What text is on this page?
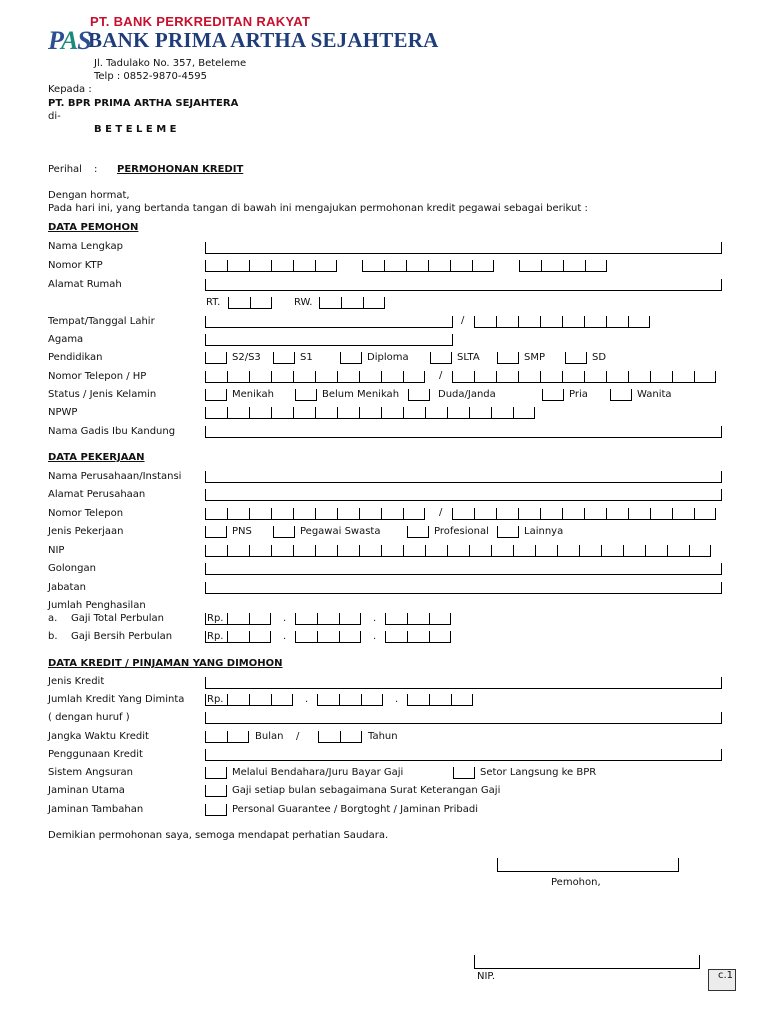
PAS
PT. BANK PERKREDITAN RAKYAT
BANK PRIMA ARTHA SEJAHTERA
Jl. Tadulako No. 357, Beteleme
Telp : 0852-9870-4595
Kepada :
PT. BPR PRIMA ARTHA SEJAHTERA
di-
B E T E L E M E
Perihal : PERMOHONAN KREDIT
Dengan hormat,
Pada hari ini, yang bertanda tangan di bawah ini mengajukan permohonan kredit pegawai sebagai berikut :
DATA PEMOHON
Nama Lengkap
Nomor KTP
Alamat Rumah
RT.	RW.
Tempat/Tanggal Lahir	/
Agama
Pendidikan	S2/S3	S1	Diploma	SLTA	SMP	SD
Nomor Telepon / HP	/
Status / Jenis Kelamin	Menikah	Belum Menikah	Duda/Janda	Pria	Wanita
NPWP
Nama Gadis Ibu Kandung
DATA PEKERJAAN
Nama Perusahaan/Instansi
Alamat Perusahaan
Nomor Telepon	/
Jenis Pekerjaan	PNS	Pegawai Swasta	Profesional	Lainnya
NIP
Golongan
Jabatan
Jumlah Penghasilan
a. Gaji Total Perbulan	Rp.	.	.
b. Gaji Bersih Perbulan	Rp.	.	.
DATA KREDIT / PINJAMAN YANG DIMOHON
Jenis Kredit
Jumlah Kredit Yang Diminta Rp.	.	.
( dengan huruf )
Jangka Waktu Kredit	Bulan /	Tahun
Penggunaan Kredit
Sistem Angsuran	Melalui Bendahara/Juru Bayar Gaji	Setor Langsung ke BPR
Jaminan Utama	Gaji setiap bulan sebagaimana Surat Keterangan Gaji
Jaminan Tambahan	Personal Guarantee / Borgtoght / Jaminan Pribadi
Demikian permohonan saya, semoga mendapat perhatian Saudara.
Pemohon,
NIP.	c.1
